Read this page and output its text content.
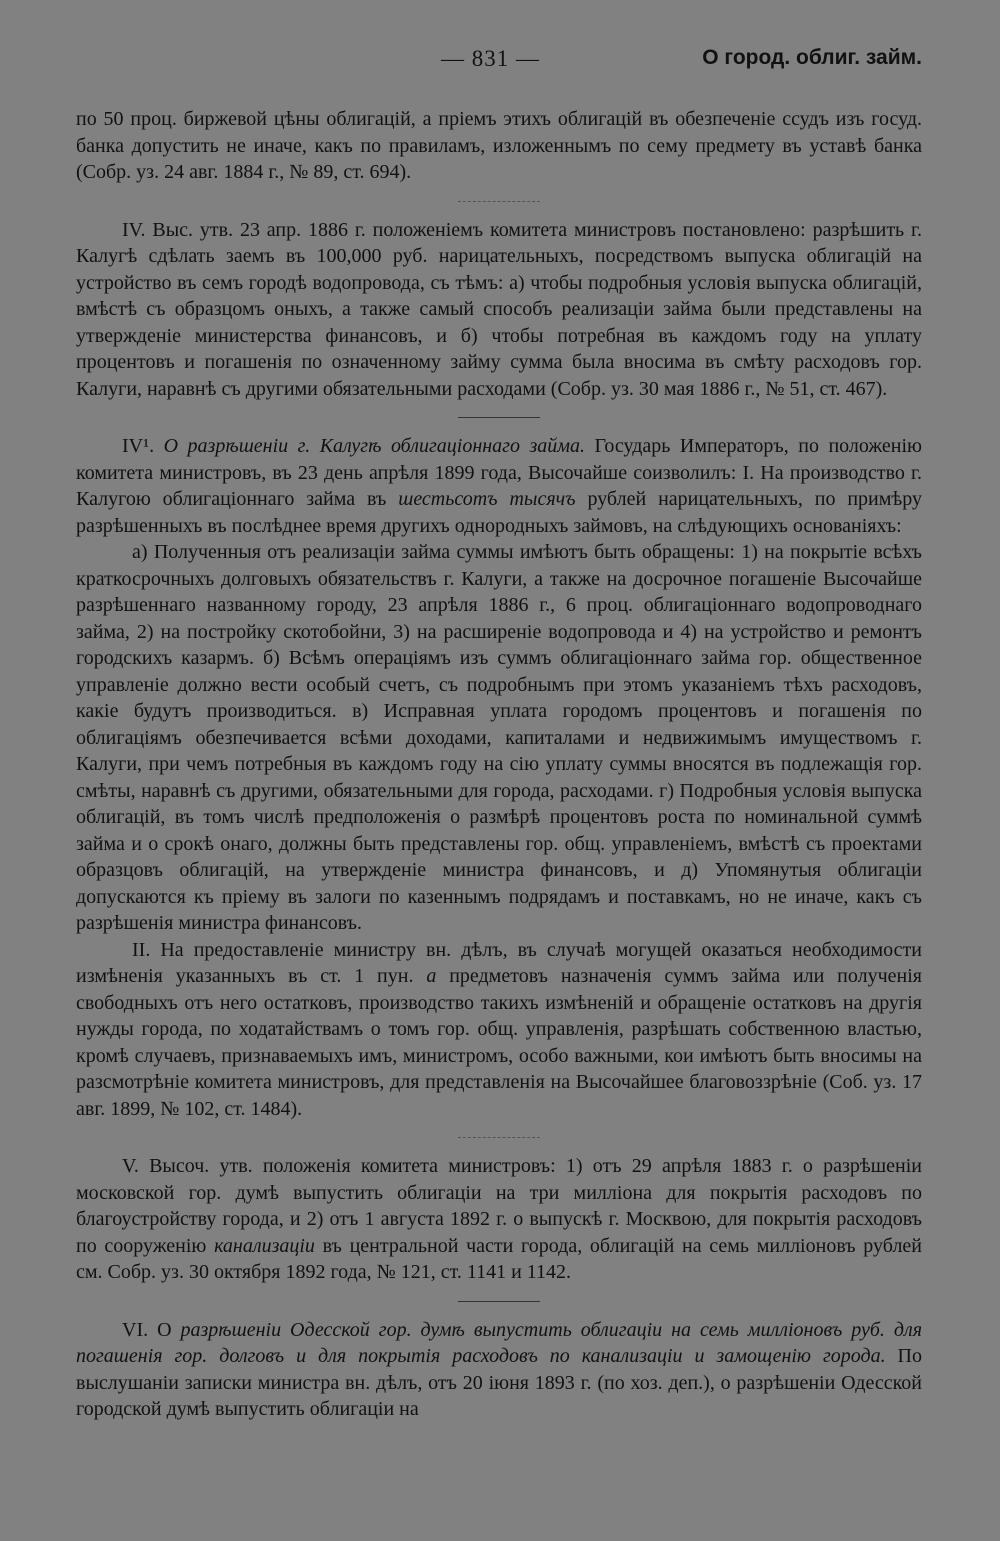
— 831 —	О город. облиг. займ.

по 50 проц. биржевой цѣны облигацій, а пріемъ этихъ облигацій въ обезпеченіе ссудъ изъ госуд. банка допустить не иначе, какъ по правиламъ, изложеннымъ по сему предмету въ уставѣ банка (Собр. уз. 24 авг. 1884 г., № 89, ст. 694).

IV. Выс. утв. 23 апр. 1886 г. положеніемъ комитета министровъ постановлено: разрѣшить г. Калугѣ сдѣлать заемъ въ 100,000 руб. нарицательныхъ, посредствомъ выпуска облигацій на устройство въ семъ городѣ водопровода, съ тѣмъ: а) чтобы подробныя условія выпуска облигацій, вмѣстѣ съ образцомъ оныхъ, а также самый способъ реализаціи займа были представлены на утвержденіе министерства финансовъ, и б) чтобы потребная въ каждомъ году на уплату процентовъ и погашенія по означенному займу сумма была вносима въ смѣту расходовъ гор. Калуги, наравнѣ съ другими обязательными расходами (Собр. уз. 30 мая 1886 г., № 51, ст. 467).

IV¹. О разрѣшеніи г. Калугѣ облигаціоннаго займа. Государь Императоръ, по положенію комитета министровъ, въ 23 день апрѣля 1899 года, Высочайше соизволилъ: I. На производство г. Калугою облигаціоннаго займа въ шестьсотъ тысячъ рублей нарицательныхъ, по примѣру разрѣшенныхъ въ послѣднее время другихъ однородныхъ займовъ, на слѣдующихъ основаніяхъ:

а) Полученныя отъ реализаціи займа суммы имѣютъ быть обращены: 1) на покрытіе всѣхъ краткосрочныхъ долговыхъ обязательствъ г. Калуги, а также на досрочное погашеніе Высочайше разрѣшеннаго названному городу, 23 апрѣля 1886 г., 6 проц. облигаціоннаго водопроводнаго займа, 2) на постройку скотобойни, 3) на расширеніе водопровода и 4) на устройство и ремонтъ городскихъ казармъ. б) Всѣмъ операціямъ изъ суммъ облигаціоннаго займа гор. общественное управленіе должно вести особый счетъ, съ подробнымъ при этомъ указаніемъ тѣхъ расходовъ, какіе будутъ производиться. в) Исправная уплата городомъ процентовъ и погашенія по облигаціямъ обезпечивается всѣми доходами, капиталами и недвижимымъ имуществомъ г. Калуги, при чемъ потребныя въ каждомъ году на сію уплату суммы вносятся въ подлежащія гор. смѣты, наравнѣ съ другими, обязательными для города, расходами. г) Подробныя условія выпуска облигацій, въ томъ числѣ предположенія о размѣрѣ процентовъ роста по номинальной суммѣ займа и о срокѣ онаго, должны быть представлены гор. общ. управленіемъ, вмѣстѣ съ проектами образцовъ облигацій, на утвержденіе министра финансовъ, и д) Упомянутыя облигаціи допускаются къ пріему въ залоги по казеннымъ подрядамъ и поставкамъ, но не иначе, какъ съ разрѣшенія министра финансовъ.

II. На предоставленіе министру вн. дѣлъ, въ случаѣ могущей оказаться необходимости измѣненія указанныхъ въ ст. 1 пун. а предметовъ назначенія суммъ займа или полученія свободныхъ отъ него остатковъ, производство такихъ измѣненій и обращеніе остатковъ на другія нужды города, по ходатайствамъ о томъ гор. общ. управленія, разрѣшать собственною властью, кромѣ случаевъ, признаваемыхъ имъ, министромъ, особо важными, кои имѣютъ быть вносимы на разсмотрѣніе комитета министровъ, для представленія на Высочайшее благовоззрѣніе (Соб. уз. 17 авг. 1899, № 102, ст. 1484).

V. Высоч. утв. положенія комитета министровъ: 1) отъ 29 апрѣля 1883 г. о разрѣшеніи московской гор. думѣ выпустить облигаціи на три милліона для покрытія расходовъ по благоустройству города, и 2) отъ 1 августа 1892 г. о выпускѣ г. Москвою, для покрытія расходовъ по сооруженію канализаціи въ центральной части города, облигацій на семь милліоновъ рублей см. Собр. уз. 30 октября 1892 года, № 121, ст. 1141 и 1142.

VI. О разрѣшеніи Одесской гор. думѣ выпустить облигаціи на семь милліоновъ руб. для погашенія гор. долговъ и для покрытія расходовъ по канализаціи и замощенію города. По выслушаніи записки министра вн. дѣлъ, отъ 20 іюня 1893 г. (по хоз. деп.), о разрѣшеніи Одесской городской думѣ выпустить облигаціи на
